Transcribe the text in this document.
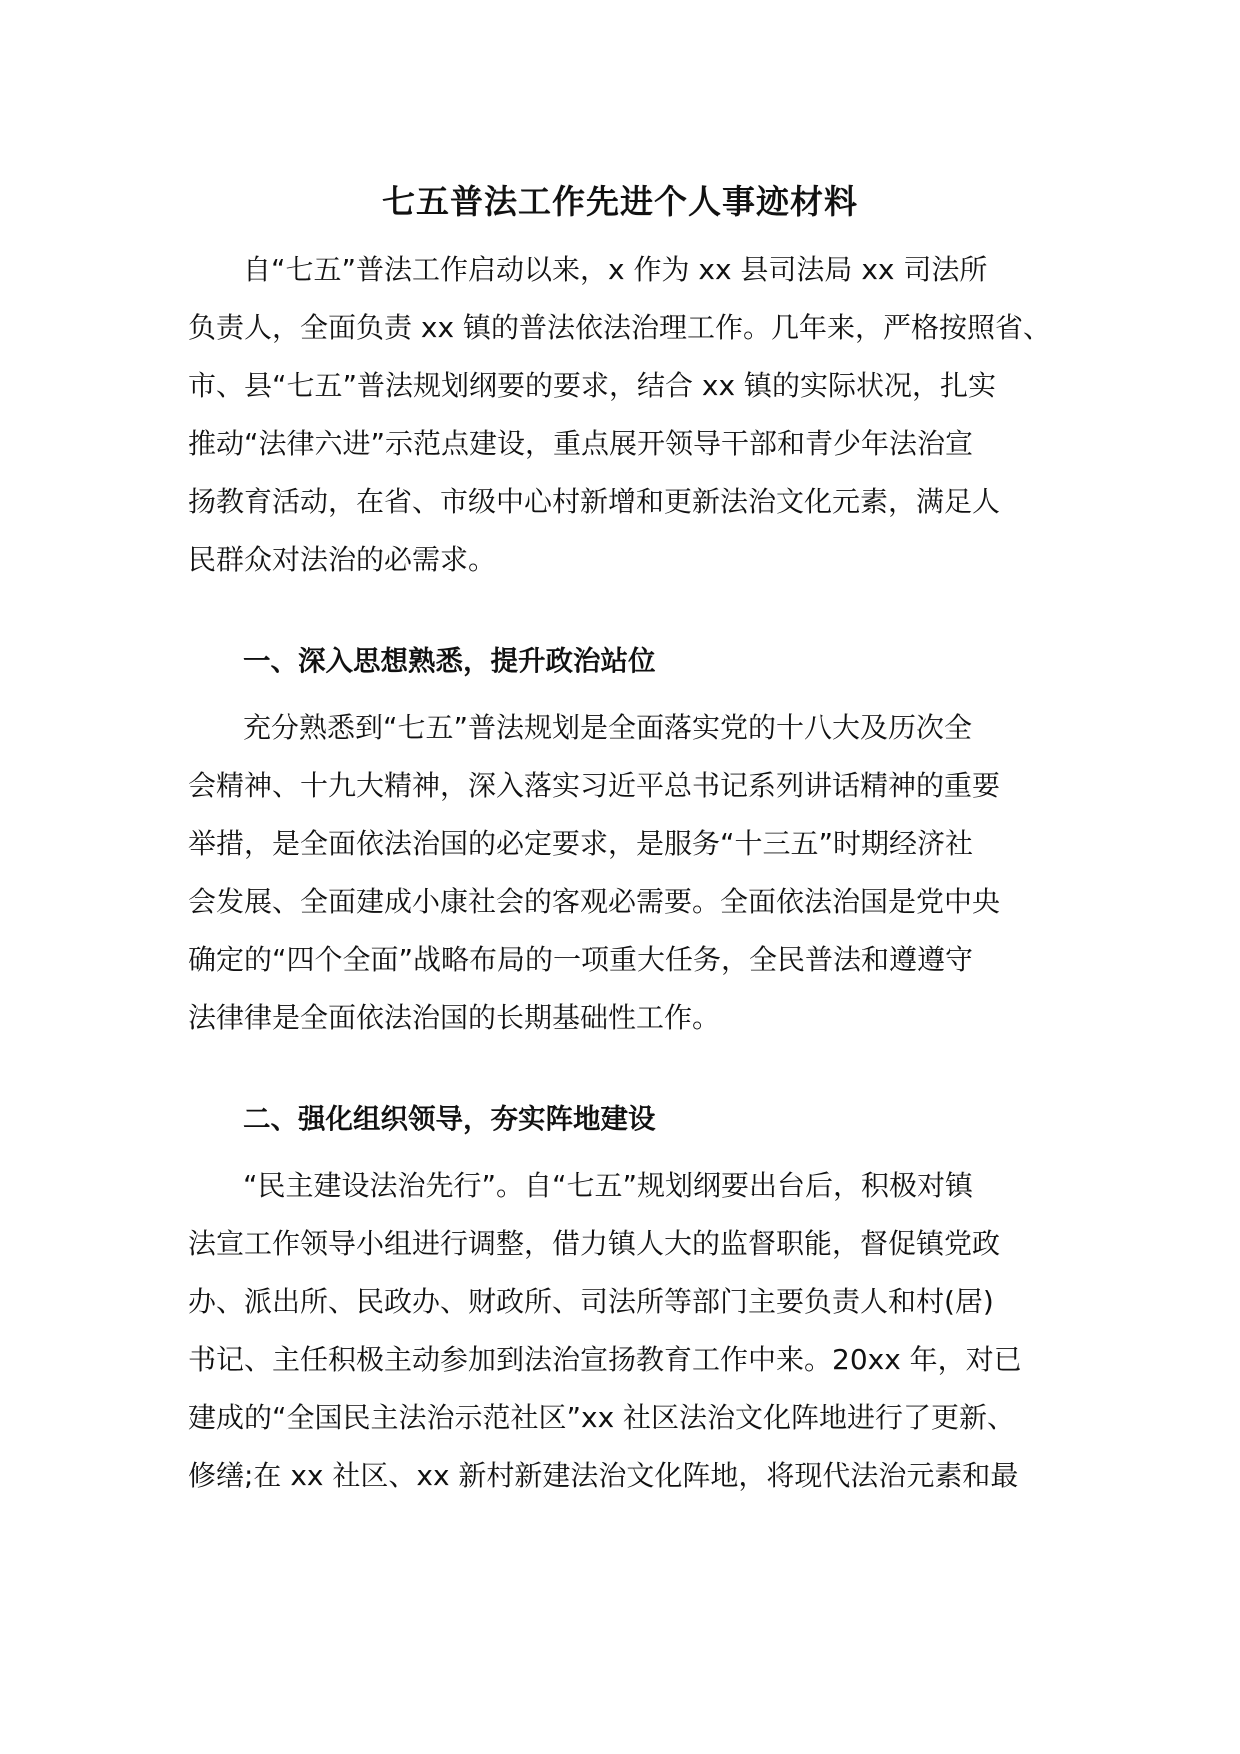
七五普法工作先进个人事迹材料
自“七五”普法工作启动以来，x 作为 xx 县司法局 xx 司法所
负责人，全面负责 xx 镇的普法依法治理工作。几年来，严格按照省、
市、县“七五”普法规划纲要的要求，结合 xx 镇的实际状况，扎实
推动“法律六进”示范点建设，重点展开领导干部和青少年法治宣
扬教育活动，在省、市级中心村新增和更新法治文化元素，满足人
民群众对法治的必需求。
一、深入思想熟悉，提升政治站位
充分熟悉到“七五”普法规划是全面落实党的十八大及历次全
会精神、十九大精神，深入落实习近平总书记系列讲话精神的重要
举措，是全面依法治国的必定要求，是服务“十三五”时期经济社
会发展、全面建成小康社会的客观必需要。全面依法治国是党中央
确定的“四个全面”战略布局的一项重大任务，全民普法和遵遵守
法律律是全面依法治国的长期基础性工作。
二、强化组织领导，夯实阵地建设
“民主建设法治先行”。自“七五”规划纲要出台后，积极对镇
法宣工作领导小组进行调整，借力镇人大的监督职能，督促镇党政
办、派出所、民政办、财政所、司法所等部门主要负责人和村(居)
书记、主任积极主动参加到法治宣扬教育工作中来。20xx 年，对已
建成的“全国民主法治示范社区”xx 社区法治文化阵地进行了更新、
修缮;在 xx 社区、xx 新村新建法治文化阵地，将现代法治元素和最
